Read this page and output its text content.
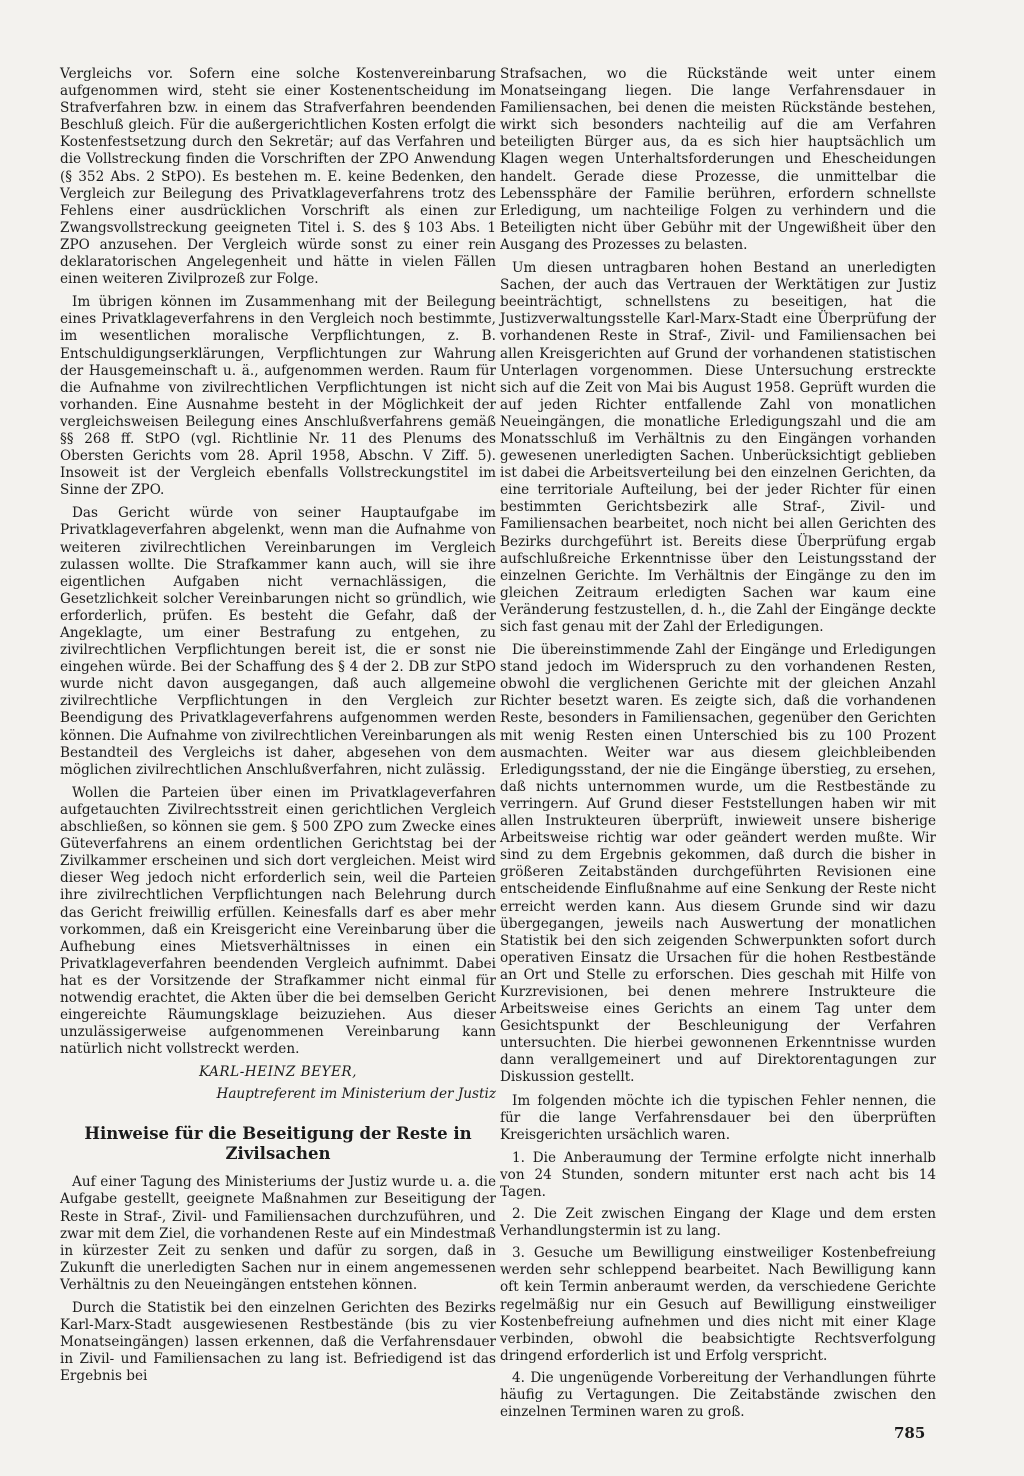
Vergleichs vor. Sofern eine solche Kostenvereinbarung aufgenommen wird, steht sie einer Kostenentscheidung im Strafverfahren bzw. in einem das Strafverfahren beendenden Beschluß gleich. Für die außergerichtlichen Kosten erfolgt die Kostenfestsetzung durch den Sekretär; auf das Verfahren und die Vollstreckung finden die Vorschriften der ZPO Anwendung (§ 352 Abs. 2 StPO). Es bestehen m. E. keine Bedenken, den Vergleich zur Beilegung des Privatklageverfahrens trotz des Fehlens einer ausdrücklichen Vorschrift als einen zur Zwangsvollstreckung geeigneten Titel i. S. des § 103 Abs. 1 ZPO anzusehen. Der Vergleich würde sonst zu einer rein deklaratorischen Angelegenheit und hätte in vielen Fällen einen weiteren Zivilprozeß zur Folge.

Im übrigen können im Zusammenhang mit der Beilegung eines Privatklageverfahrens in den Vergleich noch bestimmte, im wesentlichen moralische Verpflichtungen, z. B. Entschuldigungserklärungen, Verpflichtungen zur Wahrung der Hausgemeinschaft u. ä., aufgenommen werden. Raum für die Aufnahme von zivilrechtlichen Verpflichtungen ist nicht vorhanden. Eine Ausnahme besteht in der Möglichkeit der vergleichsweisen Beilegung eines Anschlußverfahrens gemäß §§ 268 ff. StPO (vgl. Richtlinie Nr. 11 des Plenums des Obersten Gerichts vom 28. April 1958, Abschn. V Ziff. 5). Insoweit ist der Vergleich ebenfalls Vollstreckungstitel im Sinne der ZPO.

Das Gericht würde von seiner Hauptaufgabe im Privatklageverfahren abgelenkt, wenn man die Aufnahme von weiteren zivilrechtlichen Vereinbarungen im Vergleich zulassen wollte. Die Strafkammer kann auch, will sie ihre eigentlichen Aufgaben nicht vernachlässigen, die Gesetzlichkeit solcher Vereinbarungen nicht so gründlich, wie erforderlich, prüfen. Es besteht die Gefahr, daß der Angeklagte, um einer Bestrafung zu entgehen, zu zivilrechtlichen Verpflichtungen bereit ist, die er sonst nie eingehen würde. Bei der Schaffung des § 4 der 2. DB zur StPO wurde nicht davon ausgegangen, daß auch allgemeine zivilrechtliche Verpflichtungen in den Vergleich zur Beendigung des Privatklageverfahrens aufgenommen werden können. Die Aufnahme von zivilrechtlichen Vereinbarungen als Bestandteil des Vergleichs ist daher, abgesehen von dem möglichen zivilrechtlichen Anschlußverfahren, nicht zulässig.

Wollen die Parteien über einen im Privatklageverfahren aufgetauchten Zivilrechtsstreit einen gerichtlichen Vergleich abschließen, so können sie gem. § 500 ZPO zum Zwecke eines Güteverfahrens an einem ordentlichen Gerichtstag bei der Zivilkammer erscheinen und sich dort vergleichen. Meist wird dieser Weg jedoch nicht erforderlich sein, weil die Parteien ihre zivilrechtlichen Verpflichtungen nach Belehrung durch das Gericht freiwillig erfüllen. Keinesfalls darf es aber mehr vorkommen, daß ein Kreisgericht eine Vereinbarung über die Aufhebung eines Mietsverhältnisses in einen ein Privatklageverfahren beendenden Vergleich aufnimmt. Dabei hat es der Vorsitzende der Strafkammer nicht einmal für notwendig erachtet, die Akten über die bei demselben Gericht eingereichte Räumungsklage beizuziehen. Aus dieser unzulässigerweise aufgenommenen Vereinbarung kann natürlich nicht vollstreckt werden.

KARL-HEINZ BEYER,
Hauptreferent im Ministerium der Justiz
Hinweise für die Beseitigung der Reste in Zivilsachen

Auf einer Tagung des Ministeriums der Justiz wurde u. a. die Aufgabe gestellt, geeignete Maßnahmen zur Beseitigung der Reste in Straf-, Zivil- und Familiensachen durchzuführen, und zwar mit dem Ziel, die vorhandenen Reste auf ein Mindestmaß in kürzester Zeit zu senken und dafür zu sorgen, daß in Zukunft die unerledigten Sachen nur in einem angemessenen Verhältnis zu den Neueingängen entstehen können.

Durch die Statistik bei den einzelnen Gerichten des Bezirks Karl-Marx-Stadt ausgewiesenen Restbestände (bis zu vier Monatseingängen) lassen erkennen, daß die Verfahrensdauer in Zivil- und Familiensachen zu lang ist. Befriedigend ist das Ergebnis bei

Strafsachen, wo die Rückstände weit unter einem Monatseingang liegen. Die lange Verfahrensdauer in Familiensachen, bei denen die meisten Rückstände bestehen, wirkt sich besonders nachteilig auf die am Verfahren beteiligten Bürger aus, da es sich hier hauptsächlich um Klagen wegen Unterhaltsforderungen und Ehescheidungen handelt. Gerade diese Prozesse, die unmittelbar die Lebenssphäre der Familie berühren, erfordern schnellste Erledigung, um nachteilige Folgen zu verhindern und die Beteiligten nicht über Gebühr mit der Ungewißheit über den Ausgang des Prozesses zu belasten.

Um diesen untragbaren hohen Bestand an unerledigten Sachen, der auch das Vertrauen der Werktätigen zur Justiz beeinträchtigt, schnellstens zu beseitigen, hat die Justizverwaltungsstelle Karl-Marx-Stadt eine Überprüfung der vorhandenen Reste in Straf-, Zivil- und Familiensachen bei allen Kreisgerichten auf Grund der vorhandenen statistischen Unterlagen vorgenommen. Diese Untersuchung erstreckte sich auf die Zeit von Mai bis August 1958. Geprüft wurden die auf jeden Richter entfallende Zahl von monatlichen Neueingängen, die monatliche Erledigungszahl und die am Monatsschluß im Verhältnis zu den Eingängen vorhanden gewesenen unerledigten Sachen. Unberücksichtigt geblieben ist dabei die Arbeitsverteilung bei den einzelnen Gerichten, da eine territoriale Aufteilung, bei der jeder Richter für einen bestimmten Gerichtsbezirk alle Straf-, Zivil- und Familiensachen bearbeitet, noch nicht bei allen Gerichten des Bezirks durchgeführt ist. Bereits diese Überprüfung ergab aufschlußreiche Erkenntnisse über den Leistungsstand der einzelnen Gerichte. Im Verhältnis der Eingänge zu den im gleichen Zeitraum erledigten Sachen war kaum eine Veränderung festzustellen, d. h., die Zahl der Eingänge deckte sich fast genau mit der Zahl der Erledigungen.

Die übereinstimmende Zahl der Eingänge und Erledigungen stand jedoch im Widerspruch zu den vorhandenen Resten, obwohl die verglichenen Gerichte mit der gleichen Anzahl Richter besetzt waren. Es zeigte sich, daß die vorhandenen Reste, besonders in Familiensachen, gegenüber den Gerichten mit wenig Resten einen Unterschied bis zu 100 Prozent ausmachten. Weiter war aus diesem gleichbleibenden Erledigungsstand, der nie die Eingänge überstieg, zu ersehen, daß nichts unternommen wurde, um die Restbestände zu verringern. Auf Grund dieser Feststellungen haben wir mit allen Instrukteuren überprüft, inwieweit unsere bisherige Arbeitsweise richtig war oder geändert werden mußte. Wir sind zu dem Ergebnis gekommen, daß durch die bisher in größeren Zeitabständen durchgeführten Revisionen eine entscheidende Einflußnahme auf eine Senkung der Reste nicht erreicht werden kann. Aus diesem Grunde sind wir dazu übergegangen, jeweils nach Auswertung der monatlichen Statistik bei den sich zeigenden Schwerpunkten sofort durch operativen Einsatz die Ursachen für die hohen Restbestände an Ort und Stelle zu erforschen. Dies geschah mit Hilfe von Kurzrevisionen, bei denen mehrere Instrukteure die Arbeitsweise eines Gerichts an einem Tag unter dem Gesichtspunkt der Beschleunigung der Verfahren untersuchten. Die hierbei gewonnenen Erkenntnisse wurden dann verallgemeinert und auf Direktorentagungen zur Diskussion gestellt.

Im folgenden möchte ich die typischen Fehler nennen, die für die lange Verfahrensdauer bei den überprüften Kreisgerichten ursächlich waren.

1. Die Anberaumung der Termine erfolgte nicht innerhalb von 24 Stunden, sondern mitunter erst nach acht bis 14 Tagen.

2. Die Zeit zwischen Eingang der Klage und dem ersten Verhandlungstermin ist zu lang.

3. Gesuche um Bewilligung einstweiliger Kostenbefreiung werden sehr schleppend bearbeitet. Nach Bewilligung kann oft kein Termin anberaumt werden, da verschiedene Gerichte regelmäßig nur ein Gesuch auf Bewilligung einstweiliger Kostenbefreiung aufnehmen und dies nicht mit einer Klage verbinden, obwohl die beabsichtigte Rechtsverfolgung dringend erforderlich ist und Erfolg verspricht.

4. Die ungenügende Vorbereitung der Verhandlungen führte häufig zu Vertagungen. Die Zeitabstände zwischen den einzelnen Terminen waren zu groß.

785
